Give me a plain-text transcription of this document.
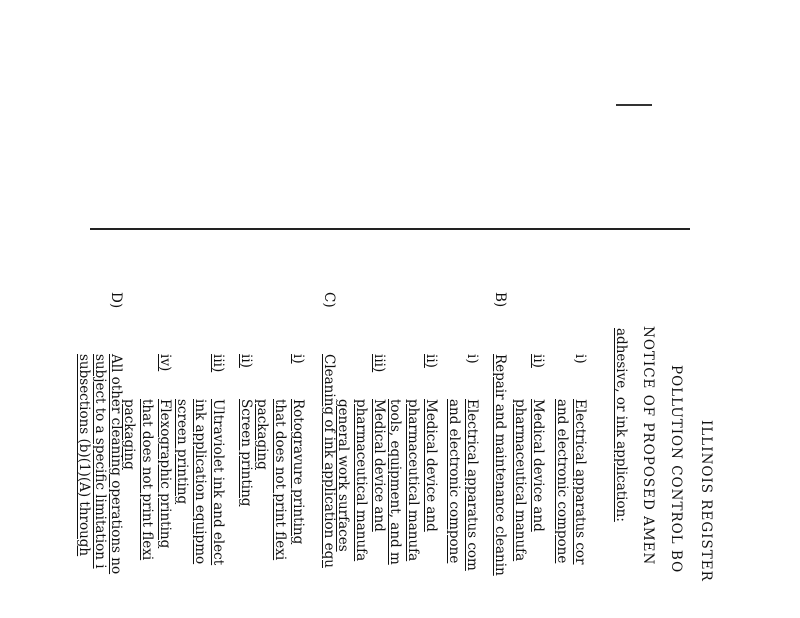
ILLINOIS REGISTER
POLLUTION CONTROL BO
NOTICE OF PROPOSED AMEN
adhesive, or ink application:
i)
Electrical apparatus cor
and electronic compone
ii)
Medical device and
pharmaceutical manufa
B)
Repair and maintenance cleanin
i)
Electrical apparatus com
and electronic compone
ii)
Medical device and
pharmaceutical manufa
tools, equipment, and m
iii)
Medical device and
pharmaceutical manufa
general work surfaces
C)
Cleaning of ink application equ
i)
Rotogravure printing
that does not print flexi
packaging
ii)
Screen printing
iii)
Ultraviolet ink and elect
ink application equipmo
screen printing
iv)
Flexographic printing
that does not print flexi
packaging
D)
All other cleaning operations no
subject to a specific limitation i
subsections (b)(1)(A) through
